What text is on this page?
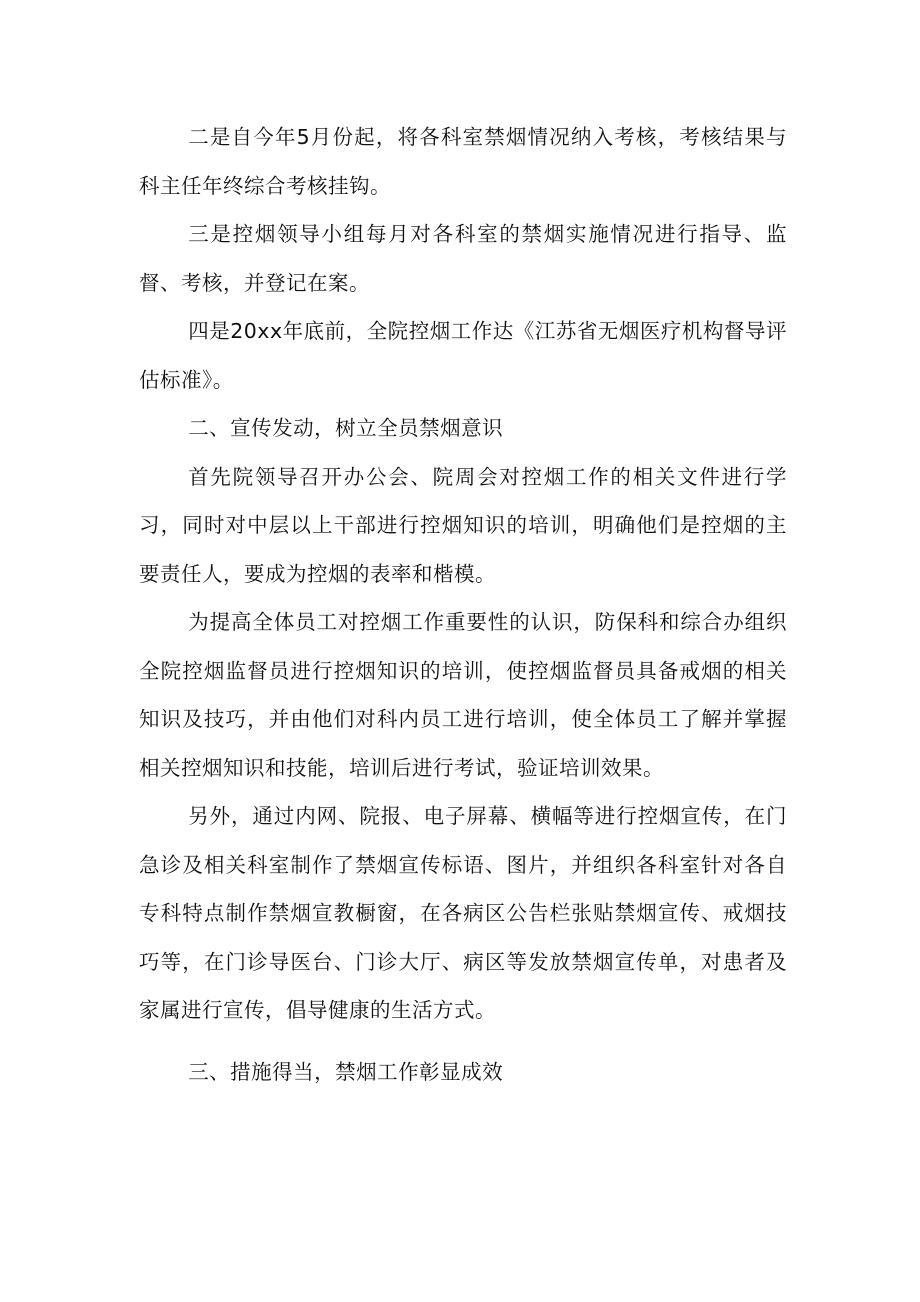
二是自今年5月份起，将各科室禁烟情况纳入考核，考核结果与科主任年终综合考核挂钩。

三是控烟领导小组每月对各科室的禁烟实施情况进行指导、监督、考核，并登记在案。

四是20xx年底前，全院控烟工作达《江苏省无烟医疗机构督导评估标准》。

二、宣传发动，树立全员禁烟意识

首先院领导召开办公会、院周会对控烟工作的相关文件进行学习，同时对中层以上干部进行控烟知识的培训，明确他们是控烟的主要责任人，要成为控烟的表率和楷模。

为提高全体员工对控烟工作重要性的认识，防保科和综合办组织全院控烟监督员进行控烟知识的培训，使控烟监督员具备戒烟的相关知识及技巧，并由他们对科内员工进行培训，使全体员工了解并掌握相关控烟知识和技能，培训后进行考试，验证培训效果。

另外，通过内网、院报、电子屏幕、横幅等进行控烟宣传，在门急诊及相关科室制作了禁烟宣传标语、图片，并组织各科室针对各自专科特点制作禁烟宣教橱窗，在各病区公告栏张贴禁烟宣传、戒烟技巧等，在门诊导医台、门诊大厅、病区等发放禁烟宣传单，对患者及家属进行宣传，倡导健康的生活方式。

三、措施得当，禁烟工作彰显成效
